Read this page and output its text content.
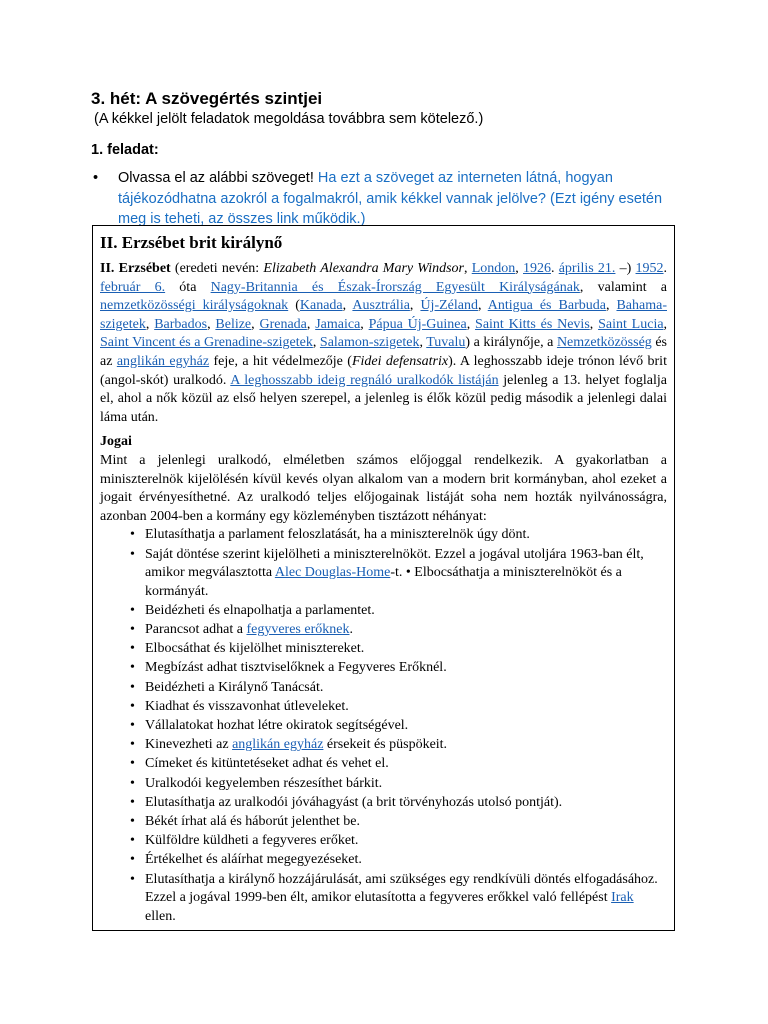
3. hét: A szövegértés szintjei
(A kékkel jelölt feladatok megoldása továbbra sem kötelező.)
1. feladat:
• Olvassa el az alábbi szöveget! Ha ezt a szöveget az interneten látná, hogyan tájékozódhatna azokról a fogalmakról, amik kékkel vannak jelölve? (Ezt igény esetén meg is teheti, az összes link működik.)
II. Erzsébet brit királynő

II. Erzsébet (eredeti nevén: Elizabeth Alexandra Mary Windsor, London, 1926. április 21. –) 1952. február 6. óta Nagy-Britannia és Észak-Írország Egyesült Királyságának, valamint a nemzetközösségi királyságoknak (Kanada, Ausztrália, Új-Zéland, Antigua és Barbuda, Bahama-szigetek, Barbados, Belize, Grenada, Jamaica, Pápua Új-Guinea, Saint Kitts és Nevis, Saint Lucia, Saint Vincent és a Grenadine-szigetek, Salamon-szigetek, Tuvalu) a királynője, a Nemzetközösség és az anglikán egyház feje, a hit védelmezője (Fidei defensatrix). A leghosszabb ideje trónon lévő brit (angol-skót) uralkodó. A leghosszabb ideig regnáló uralkodók listáján jelenleg a 13. helyet foglalja el, ahol a nők közül az első helyen szerepel, a jelenleg is élők közül pedig második a jelenlegi dalai láma után.

Jogai

Mint a jelenlegi uralkodó, elméletben számos előjoggal rendelkezik. A gyakorlatban a miniszterelnök kijelölésén kívül kevés olyan alkalom van a modern brit kormányban, ahol ezeket a jogait érvényesíthetné. Az uralkodó teljes előjogainak listáját soha nem hozták nyilvánosságra, azonban 2004-ben a kormány egy közleményben tisztázott néhányat:

• Elutasíthatja a parlament feloszlatását, ha a miniszterelnök úgy dönt.
• Saját döntése szerint kijelölheti a miniszterelnököt. Ezzel a jogával utoljára 1963-ban élt, amikor megválasztotta Alec Douglas-Home-t. • Elbocsáthatja a miniszterelnököt és a kormányát.
• Beidézheti és elnapolhatja a parlamentet.
• Parancsot adhat a fegyveres erőknek.
• Elbocsáthat és kijelölhet minisztereket.
• Megbízást adhat tisztviselőknek a Fegyveres Erőknél.
• Beidézheti a Királynő Tanácsát.
• Kiadhat és visszavonhat útleveleket.
• Vállalatokat hozhat létre okiratok segítségével.
• Kinevezheti az anglikán egyház érsekeit és püspökeit.
• Címeket és kitüntetéseket adhat és vehet el.
• Uralkodói kegyelemben részesíthet bárkit.
• Elutasíthatja az uralkodói jóváhagyást (a brit törvényhozás utolsó pontját).
• Békét írhat alá és háborút jelenthet be.
• Külföldre küldheti a fegyveres erőket.
• Értékelhet és aláírhat megegyezéseket.
• Elutasíthatja a királynő hozzájárulását, ami szükséges egy rendkívüli döntés elfogadásához. Ezzel a jogával 1999-ben élt, amikor elutasította a fegyveres erőkkel való fellépést Irak ellen.
